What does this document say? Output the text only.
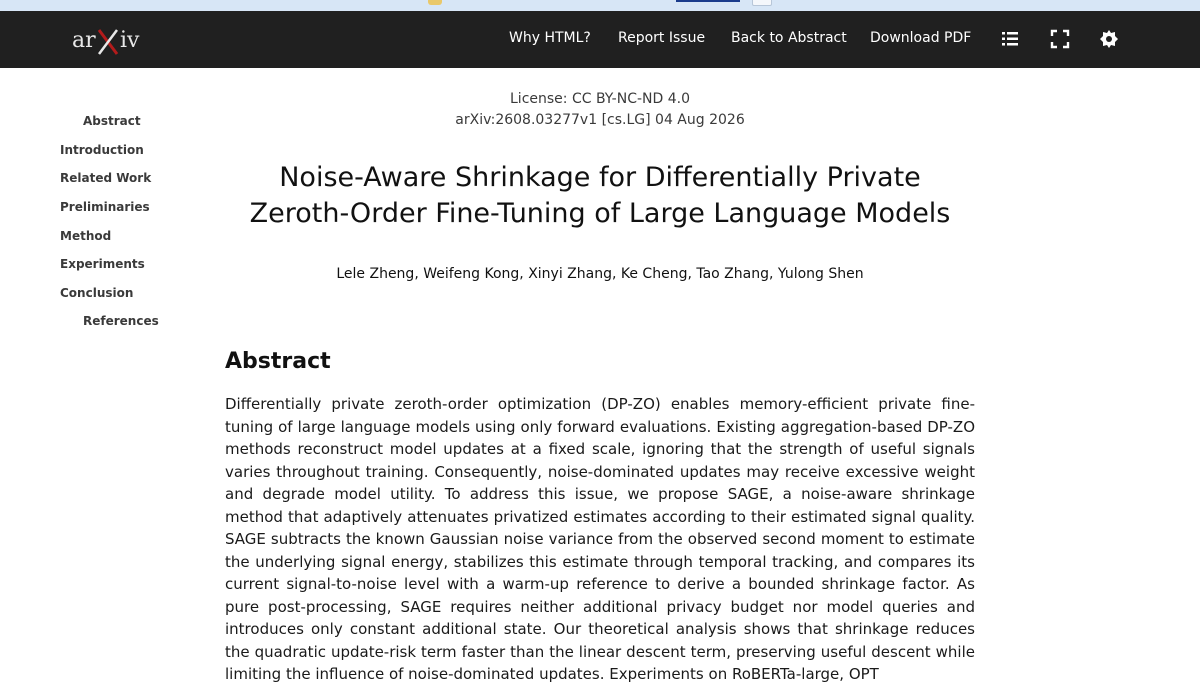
ar iv	Why HTML? Report Issue Back to Abstract Download PDF
Abstract
Introduction
Related Work
Preliminaries
Method
Experiments
Conclusion
References
License: CC BY-NC-ND 4.0
arXiv:2608.03277v1 [cs.LG] 04 Aug 2026
Noise-Aware Shrinkage for Differentially Private
Zeroth-Order Fine-Tuning of Large Language Models
Lele Zheng, Weifeng Kong, Xinyi Zhang, Ke Cheng, Tao Zhang, Yulong Shen
Abstract

Differentially private zeroth-order optimization (DP-ZO) enables memory-efficient private fine-tuning of large language models using only forward evaluations. Existing aggregation-based DP-ZO methods reconstruct model updates at a fixed scale, ignoring that the strength of useful signals varies throughout training. Consequently, noise-dominated updates may receive excessive weight and degrade model utility. To address this issue, we propose SAGE, a noise-aware shrinkage method that adaptively attenuates privatized estimates according to their estimated signal quality. SAGE subtracts the known Gaussian noise variance from the observed second moment to estimate the underlying signal energy, stabilizes this estimate through temporal tracking, and compares its current signal-to-noise level with a warm-up reference to derive a bounded shrinkage factor. As pure post-processing, SAGE requires neither additional privacy budget nor model queries and introduces only constant additional state. Our theoretical analysis shows that shrinkage reduces the quadratic update-risk term faster than the linear descent term, preserving useful descent while limiting the influence of noise-dominated updates. Experiments on RoBERTa-large, OPT
